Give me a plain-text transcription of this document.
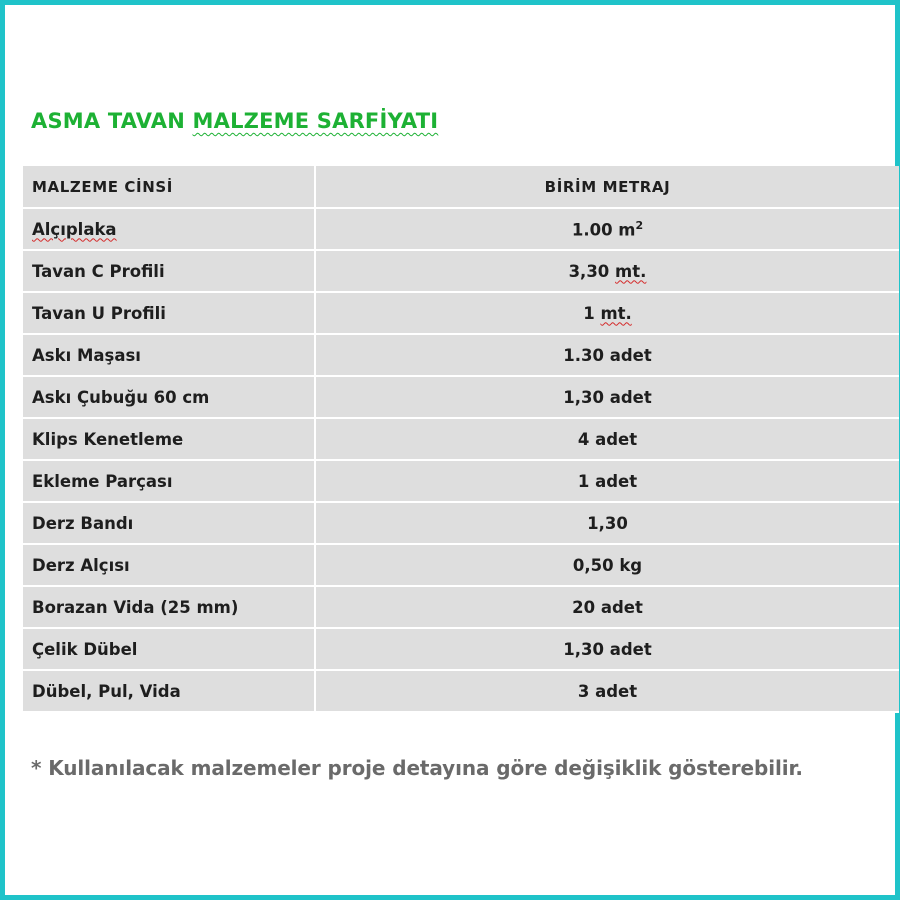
ASMA TAVAN MALZEME SARFİYATI
MALZEME CİNSİ	BİRİM METRAJ
Alçıplaka	1.00 $m^2$
Tavan C Profili	3,30 mt.
Tavan U Profili	1 mt.
Askı Maşası	1.30 adet
Askı Çubuğu 60 cm	1,30 adet
Klips Kenetleme	4 adet
Ekleme Parçası	1 adet
Derz Bandı	1,30
Derz Alçısı	0,50 kg
Borazan Vida (25 mm)	20 adet
Çelik Dübel	1,30 adet
Dübel, Pul, Vida	3 adet
* Kullanılacak malzemeler proje detayına göre değişiklik gösterebilir.
